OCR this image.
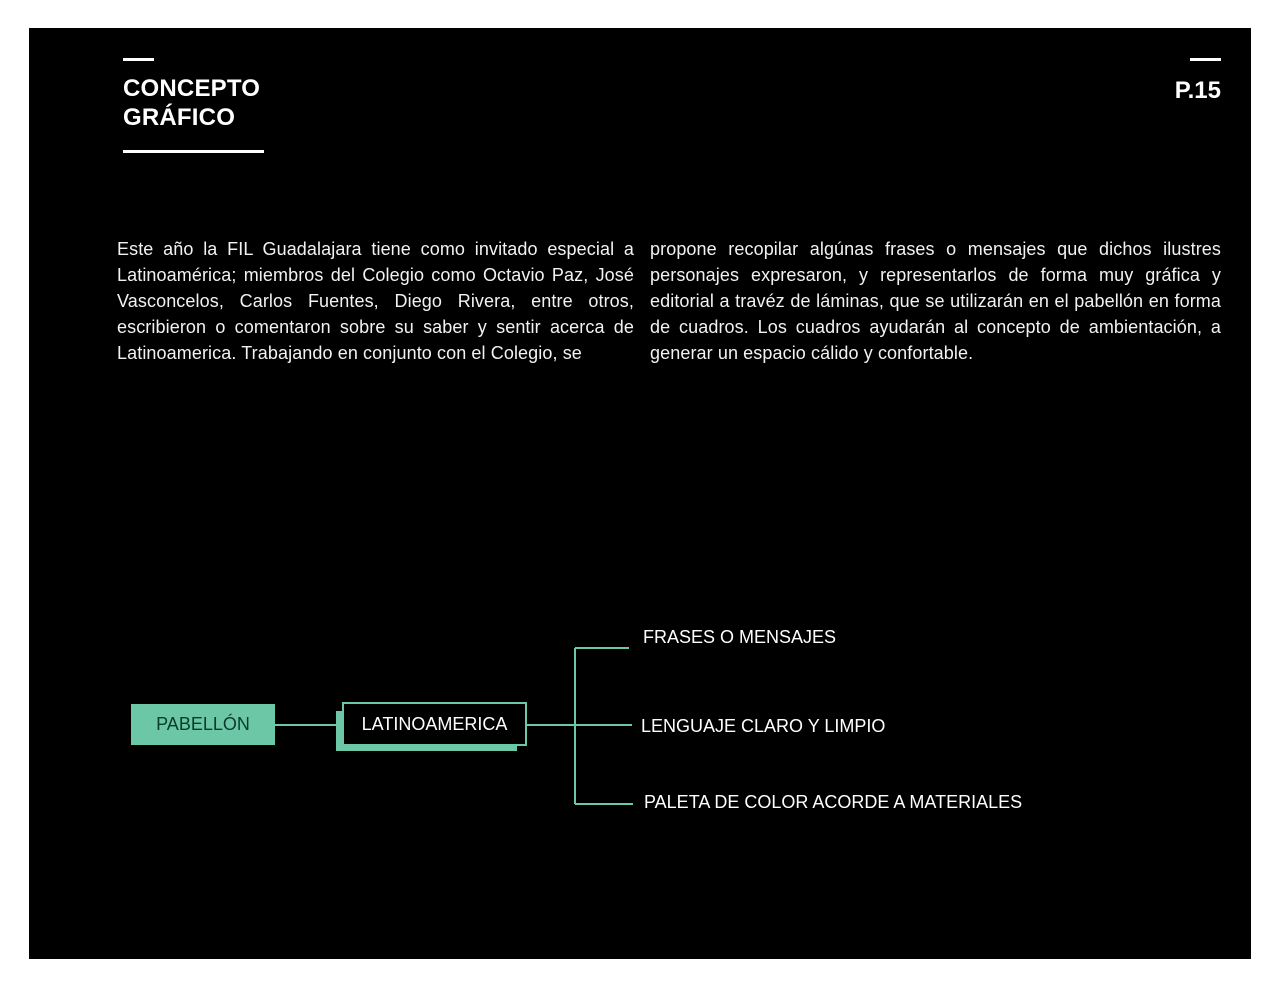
CONCEPTO
GRÁFICO
P.15
Este año la FIL Guadalajara tiene como invitado especial a Latinoamérica; miembros del Colegio como Octavio Paz, José Vasconcelos, Carlos Fuentes, Diego Rivera, entre otros, escribieron o comentaron sobre su saber y sentir acerca de Latinoamerica. Trabajando en conjunto con el Colegio, se
propone recopilar algúnas frases o mensajes que dichos ilustres personajes expresaron, y representarlos de forma muy gráfica y editorial a travéz de láminas, que se utilizarán en el pabellón en forma de cuadros. Los cuadros ayudarán al concepto de ambientación, a generar un espacio cálido y confortable.
PABELLÓN	LATINOAMERICA
FRASES O MENSAJES
LENGUAJE CLARO Y LIMPIO
PALETA DE COLOR ACORDE A MATERIALES
